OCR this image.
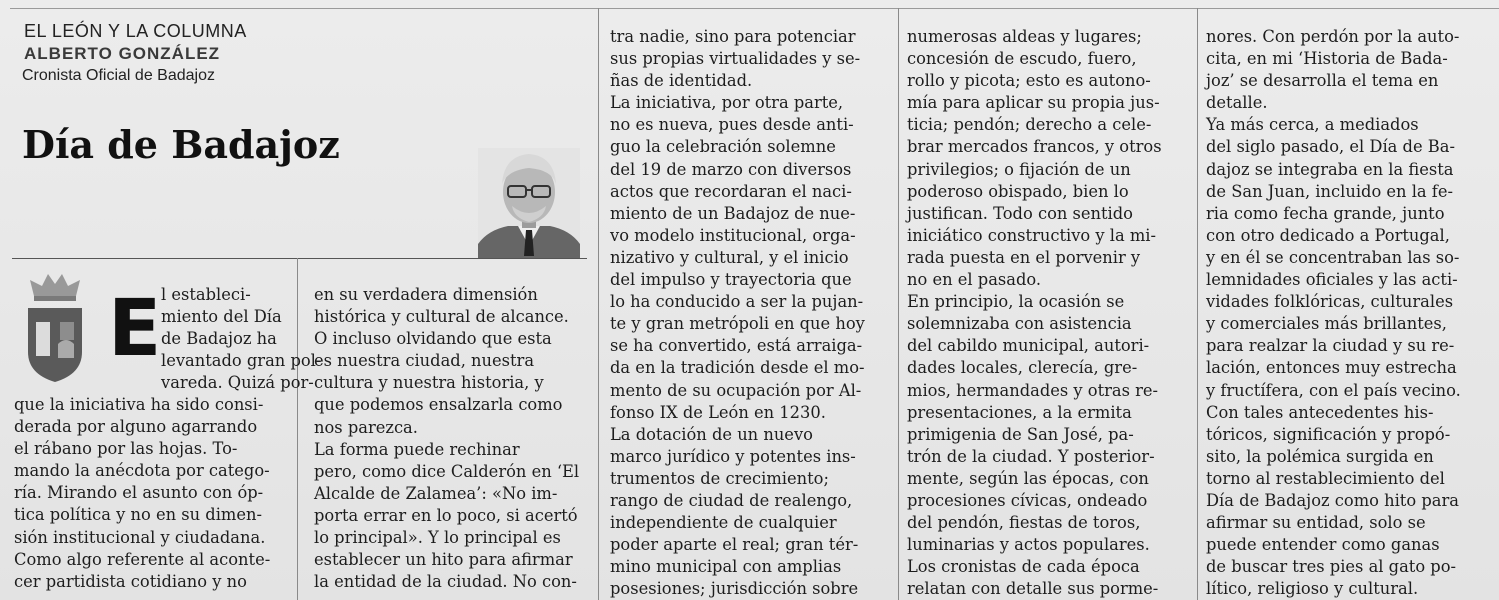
EL LEÓN Y LA COLUMNA

ALBERTO GONZÁLEZ

Cronista Oficial de Badajoz

Día de Badajoz

E l estableci-

miento del Día

de Badajoz ha

levantado gran pol-

vareda. Quizá por-

que la iniciativa ha sido consi-

derada por alguno agarrando

el rábano por las hojas. To-

mando la anécdota por catego-

ría. Mirando el asunto con óp-

tica política y no en su dimen-

sión institucional y ciudadana.

Como algo referente al aconte-

cer partidista cotidiano y no

en su verdadera dimensión

histórica y cultural de alcance.

O incluso olvidando que esta

es nuestra ciudad, nuestra

cultura y nuestra historia, y

que podemos ensalzarla como

nos parezca.

La forma puede rechinar

pero, como dice Calderón en ‘El

Alcalde de Zalamea’: «No im-

porta errar en lo poco, si acertó

lo principal». Y lo principal es

establecer un hito para afirmar

la entidad de la ciudad. No con-

tra nadie, sino para potenciar

sus propias virtualidades y se-

ñas de identidad.

La iniciativa, por otra parte,

no es nueva, pues desde anti-

guo la celebración solemne

del 19 de marzo con diversos

actos que recordaran el naci-

miento de un Badajoz de nue-

vo modelo institucional, orga-

nizativo y cultural, y el inicio

del impulso y trayectoria que

lo ha conducido a ser la pujan-

te y gran metrópoli en que hoy

se ha convertido, está arraiga-

da en la tradición desde el mo-

mento de su ocupación por Al-

fonso IX de León en 1230.

La dotación de un nuevo

marco jurídico y potentes ins-

trumentos de crecimiento;

rango de ciudad de realengo,

independiente de cualquier

poder aparte el real; gran tér-

mino municipal con amplias

posesiones; jurisdicción sobre

numerosas aldeas y lugares;

concesión de escudo, fuero,

rollo y picota; esto es autono-

mía para aplicar su propia jus-

ticia; pendón; derecho a cele-

brar mercados francos, y otros

privilegios; o fijación de un

poderoso obispado, bien lo

justifican. Todo con sentido

iniciático constructivo y la mi-

rada puesta en el porvenir y

no en el pasado.

En principio, la ocasión se

solemnizaba con asistencia

del cabildo municipal, autori-

dades locales, clerecía, gre-

mios, hermandades y otras re-

presentaciones, a la ermita

primigenia de San José, pa-

trón de la ciudad. Y posterior-

mente, según las épocas, con

procesiones cívicas, ondeado

del pendón, fiestas de toros,

luminarias y actos populares.

Los cronistas de cada época

relatan con detalle sus porme-

nores. Con perdón por la auto-

cita, en mi ‘Historia de Bada-

joz’ se desarrolla el tema en

detalle.

Ya más cerca, a mediados

del siglo pasado, el Día de Ba-

dajoz se integraba en la fiesta

de San Juan, incluido en la fe-

ria como fecha grande, junto

con otro dedicado a Portugal,

y en él se concentraban las so-

lemnidades oficiales y las acti-

vidades folklóricas, culturales

y comerciales más brillantes,

para realzar la ciudad y su re-

lación, entonces muy estrecha

y fructífera, con el país vecino.

Con tales antecedentes his-

tóricos, significación y propó-

sito, la polémica surgida en

torno al restablecimiento del

Día de Badajoz como hito para

afirmar su entidad, solo se

puede entender como ganas

de buscar tres pies al gato po-

lítico, religioso y cultural.
